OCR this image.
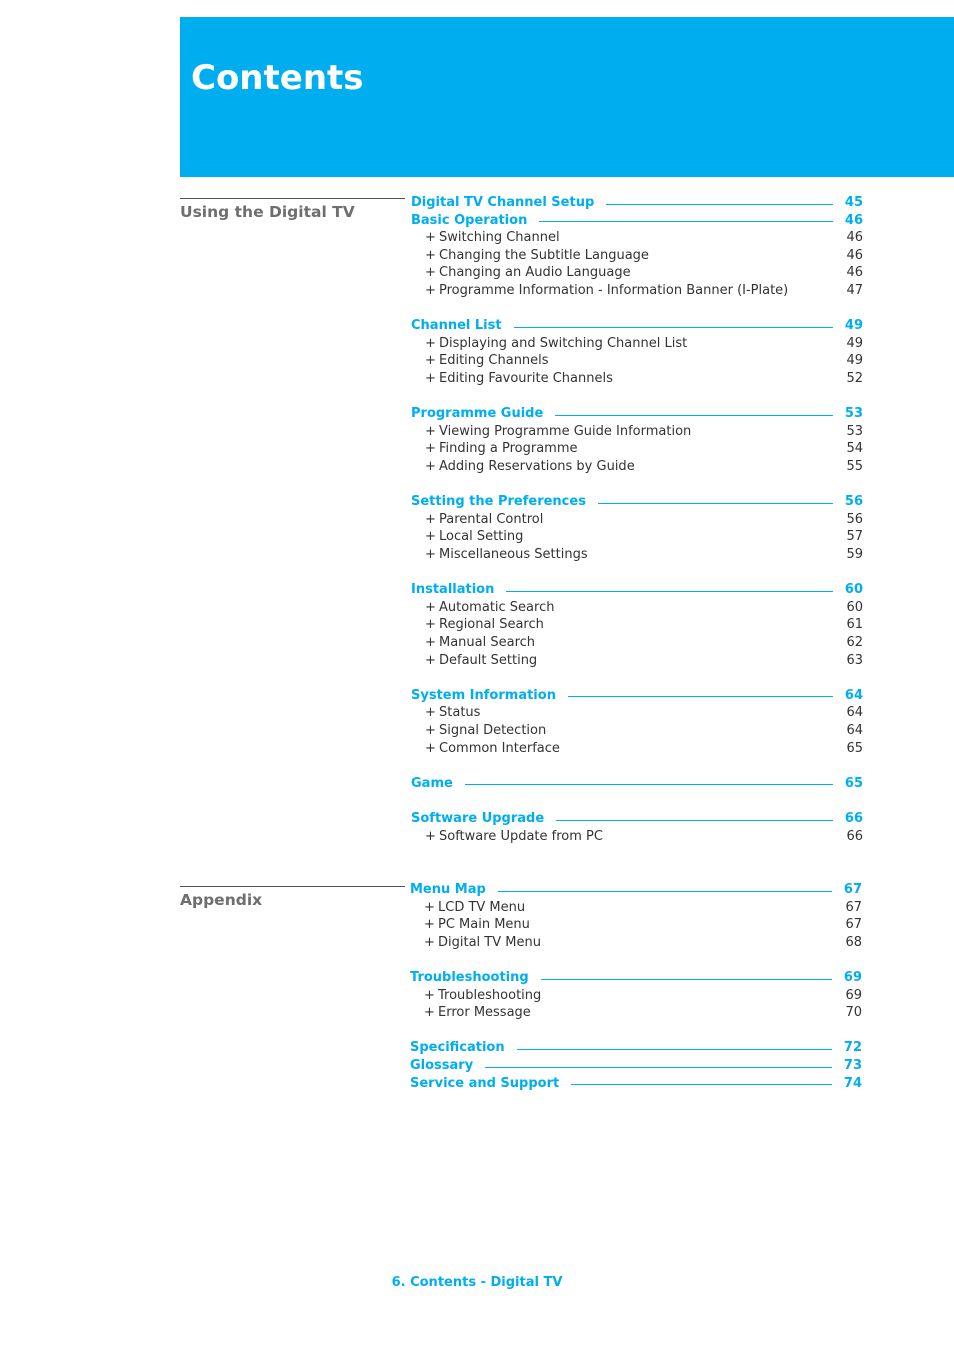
Contents
Using the Digital TV
Digital TV Channel Setup	45
Basic Operation	46
+ Switching Channel	46
+ Changing the Subtitle Language	46
+ Changing an Audio Language	46
+ Programme Information - Information Banner (I-Plate)	47
Channel List	49
+ Displaying and Switching Channel List	49
+ Editing Channels	49
+ Editing Favourite Channels	52
Programme Guide	53
+ Viewing Programme Guide Information	53
+ Finding a Programme	54
+ Adding Reservations by Guide	55
Setting the Preferences	56
+ Parental Control	56
+ Local Setting	57
+ Miscellaneous Settings	59
Installation	60
+ Automatic Search	60
+ Regional Search	61
+ Manual Search	62
+ Default Setting	63
System Information	64
+ Status	64
+ Signal Detection	64
+ Common Interface	65
Game	65
Software Upgrade	66
+ Software Update from PC	66
Appendix
Menu Map	67
+ LCD TV Menu	67
+ PC Main Menu	67
+ Digital TV Menu	68
Troubleshooting	69
+ Troubleshooting	69
+ Error Message	70
Specification	72
Glossary	73
Service and Support	74
6. Contents - Digital TV
